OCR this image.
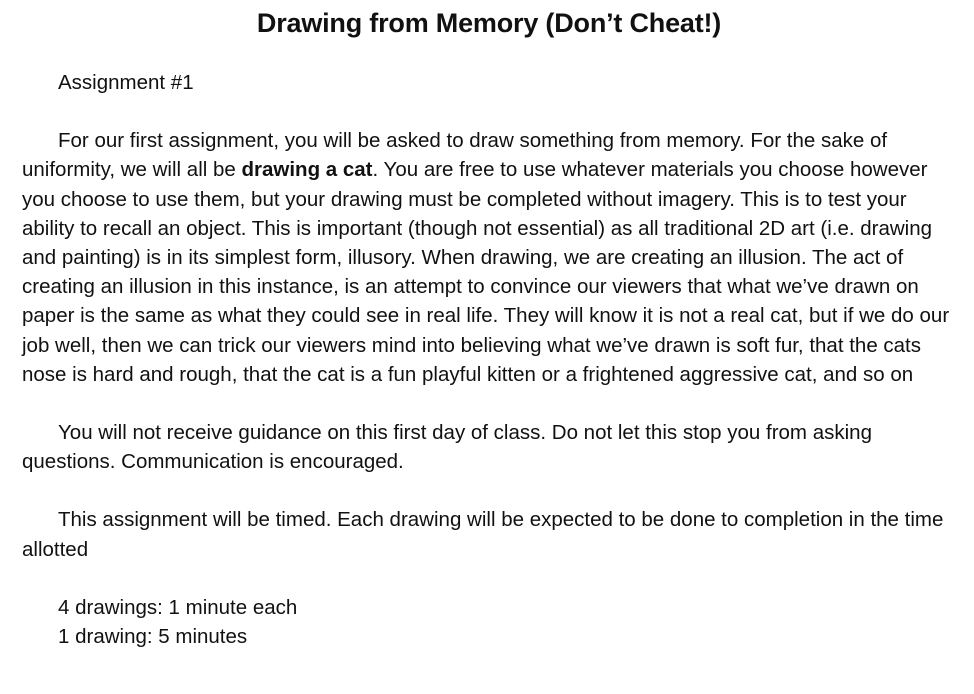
Drawing from Memory (Don’t Cheat!)

Assignment #1

For our first assignment, you will be asked to draw something from memory. For the sake of uniformity, we will all be drawing a cat. You are free to use whatever materials you choose however you choose to use them, but your drawing must be completed without imagery. This is to test your ability to recall an object. This is important (though not essential) as all traditional 2D art (i.e. drawing and painting) is in its simplest form, illusory. When drawing, we are creating an illusion. The act of creating an illusion in this instance, is an attempt to convince our viewers that what we’ve drawn on paper is the same as what they could see in real life. They will know it is not a real cat, but if we do our job well, then we can trick our viewers mind into believing what we’ve drawn is soft fur, that the cats nose is hard and rough, that the cat is a fun playful kitten or a frightened aggressive cat, and so on

You will not receive guidance on this first day of class. Do not let this stop you from asking questions. Communication is encouraged.

This assignment will be timed. Each drawing will be expected to be done to completion in the time allotted

4 drawings: 1 minute each
1 drawing: 5 minutes
